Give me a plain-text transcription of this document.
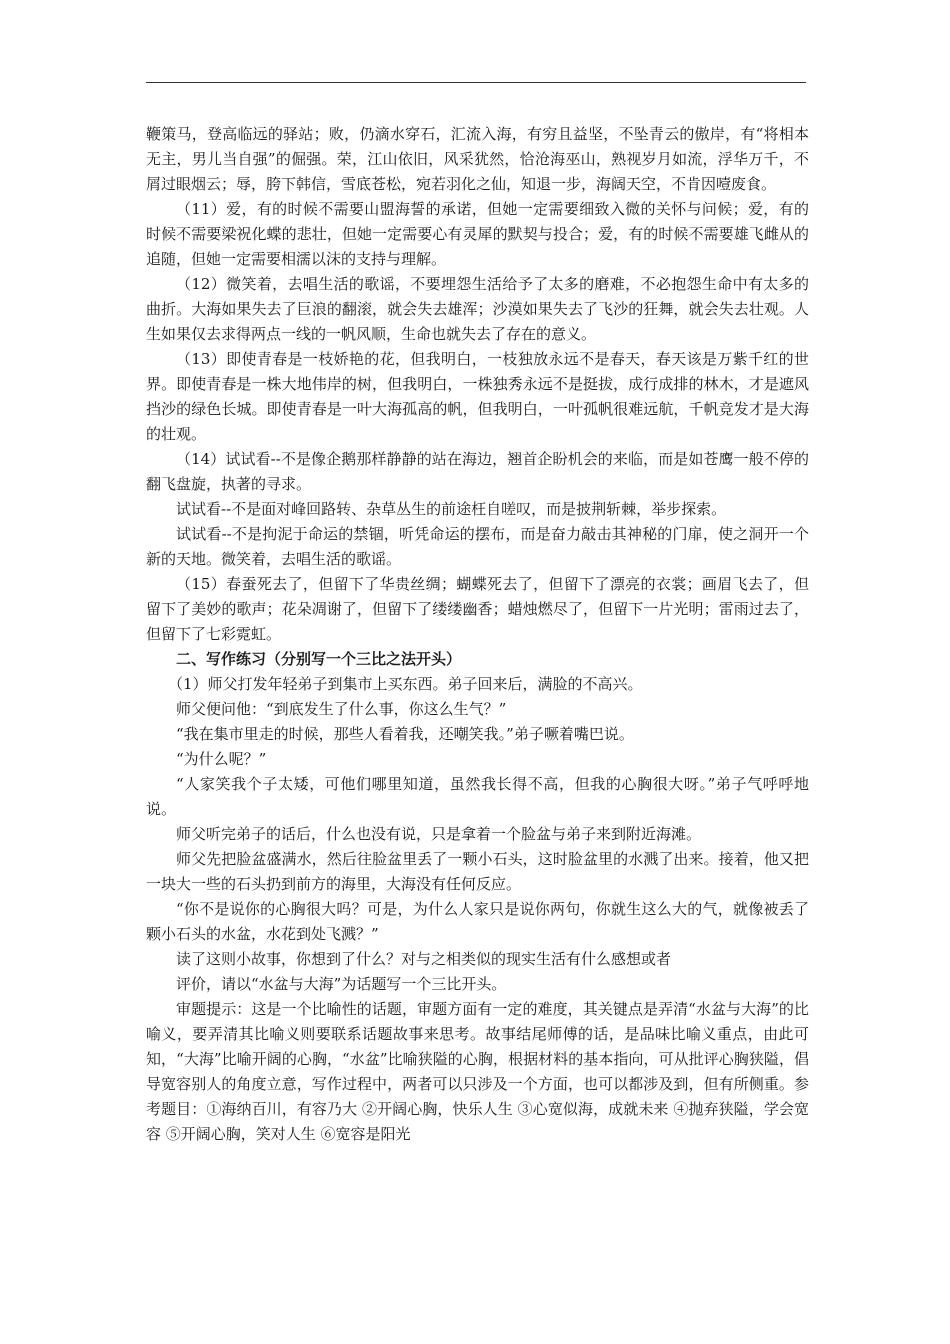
鞭策马，登高临远的驿站；败，仍滴水穿石，汇流入海，有穷且益坚，不坠青云的傲岸，有“将相本无主，男儿当自强”的倔强。荣，江山依旧，风采犹然，恰沧海巫山，熟视岁月如流，浮华万千，不屑过眼烟云；辱，胯下韩信，雪底苍松，宛若羽化之仙，知退一步，海阔天空，不肯因噎废食。

（11）爱，有的时候不需要山盟海誓的承诺，但她一定需要细致入微的关怀与问候；爱，有的时候不需要梁祝化蝶的悲壮，但她一定需要心有灵犀的默契与投合；爱，有的时候不需要雄飞雌从的追随，但她一定需要相濡以沫的支持与理解。

（12）微笑着，去唱生活的歌谣，不要埋怨生活给予了太多的磨难，不必抱怨生命中有太多的曲折。大海如果失去了巨浪的翻滚，就会失去雄浑；沙漠如果失去了飞沙的狂舞，就会失去壮观。人生如果仅去求得两点一线的一帆风顺，生命也就失去了存在的意义。

（13）即使青春是一枝娇艳的花，但我明白，一枝独放永远不是春天，春天该是万紫千红的世界。即使青春是一株大地伟岸的树，但我明白，一株独秀永远不是挺拔，成行成排的林木，才是遮风挡沙的绿色长城。即使青春是一叶大海孤高的帆，但我明白，一叶孤帆很难远航，千帆竞发才是大海的壮观。

（14）试试看--不是像企鹅那样静静的站在海边，翘首企盼机会的来临，而是如苍鹰一般不停的翻飞盘旋，执著的寻求。

试试看--不是面对峰回路转、杂草丛生的前途枉自嗟叹，而是披荆斩棘，举步探索。

试试看--不是拘泥于命运的禁锢，听凭命运的摆布，而是奋力敲击其神秘的门扉，使之洞开一个新的天地。微笑着，去唱生活的歌谣。

（15）春蚕死去了，但留下了华贵丝绸；蝴蝶死去了，但留下了漂亮的衣裳；画眉飞去了，但留下了美妙的歌声；花朵凋谢了，但留下了缕缕幽香；蜡烛燃尽了，但留下一片光明；雷雨过去了，但留下了七彩霓虹。

二、写作练习（分别写一个三比之法开头）

（1）师父打发年轻弟子到集市上买东西。弟子回来后，满脸的不高兴。

师父便问他：“到底发生了什么事，你这么生气？”

“我在集市里走的时候，那些人看着我，还嘲笑我。”弟子噘着嘴巴说。

“为什么呢？”

“人家笑我个子太矮，可他们哪里知道，虽然我长得不高，但我的心胸很大呀。”弟子气呼呼地说。

师父听完弟子的话后，什么也没有说，只是拿着一个脸盆与弟子来到附近海滩。

师父先把脸盆盛满水，然后往脸盆里丢了一颗小石头，这时脸盆里的水溅了出来。接着，他又把一块大一些的石头扔到前方的海里，大海没有任何反应。

“你不是说你的心胸很大吗？可是，为什么人家只是说你两句，你就生这么大的气，就像被丢了颗小石头的水盆，水花到处飞溅？”

读了这则小故事，你想到了什么？对与之相类似的现实生活有什么感想或者

评价，请以“水盆与大海”为话题写一个三比开头。

审题提示：这是一个比喻性的话题，审题方面有一定的难度，其关键点是弄清“水盆与大海”的比喻义，要弄清其比喻义则要联系话题故事来思考。故事结尾师傅的话，是品味比喻义重点，由此可知，“大海”比喻开阔的心胸，“水盆”比喻狭隘的心胸，根据材料的基本指向，可从批评心胸狭隘，倡导宽容别人的角度立意，写作过程中，两者可以只涉及一个方面，也可以都涉及到，但有所侧重。参考题目：①海纳百川，有容乃大 ②开阔心胸，快乐人生 ③心宽似海，成就未来 ④抛弃狭隘，学会宽容 ⑤开阔心胸，笑对人生 ⑥宽容是阳光
